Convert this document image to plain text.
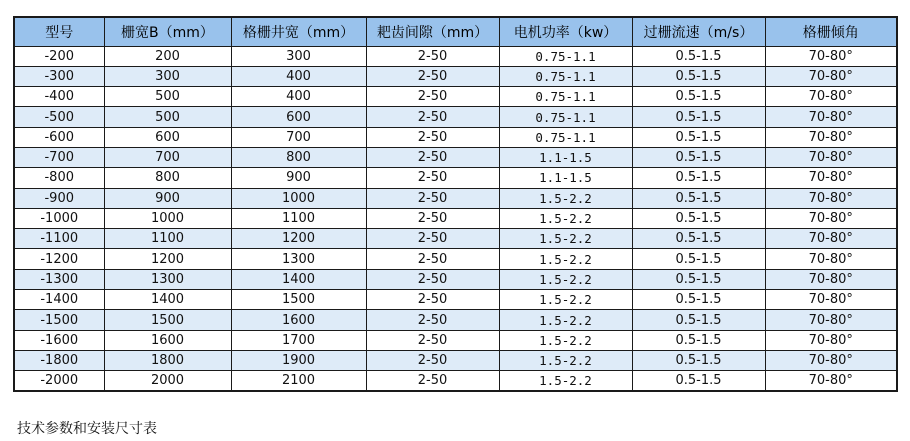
型号	栅宽B（mm）	格栅井宽（mm）	耙齿间隙（mm）	电机功率（kw）	过栅流速（m/s）	格栅倾角
-200	200	300	2-50	0.75-1.1	0.5-1.5	70-80°
-300	300	400	2-50	0.75-1.1	0.5-1.5	70-80°
-400	500	400	2-50	0.75-1.1	0.5-1.5	70-80°
-500	500	600	2-50	0.75-1.1	0.5-1.5	70-80°
-600	600	700	2-50	0.75-1.1	0.5-1.5	70-80°
-700	700	800	2-50	1.1-1.5	0.5-1.5	70-80°
-800	800	900	2-50	1.1-1.5	0.5-1.5	70-80°
-900	900	1000	2-50	1.5-2.2	0.5-1.5	70-80°
-1000	1000	1100	2-50	1.5-2.2	0.5-1.5	70-80°
-1100	1100	1200	2-50	1.5-2.2	0.5-1.5	70-80°
-1200	1200	1300	2-50	1.5-2.2	0.5-1.5	70-80°
-1300	1300	1400	2-50	1.5-2.2	0.5-1.5	70-80°
-1400	1400	1500	2-50	1.5-2.2	0.5-1.5	70-80°
-1500	1500	1600	2-50	1.5-2.2	0.5-1.5	70-80°
-1600	1600	1700	2-50	1.5-2.2	0.5-1.5	70-80°
-1800	1800	1900	2-50	1.5-2.2	0.5-1.5	70-80°
-2000	2000	2100	2-50	1.5-2.2	0.5-1.5	70-80°
技术参数和安装尺寸表
